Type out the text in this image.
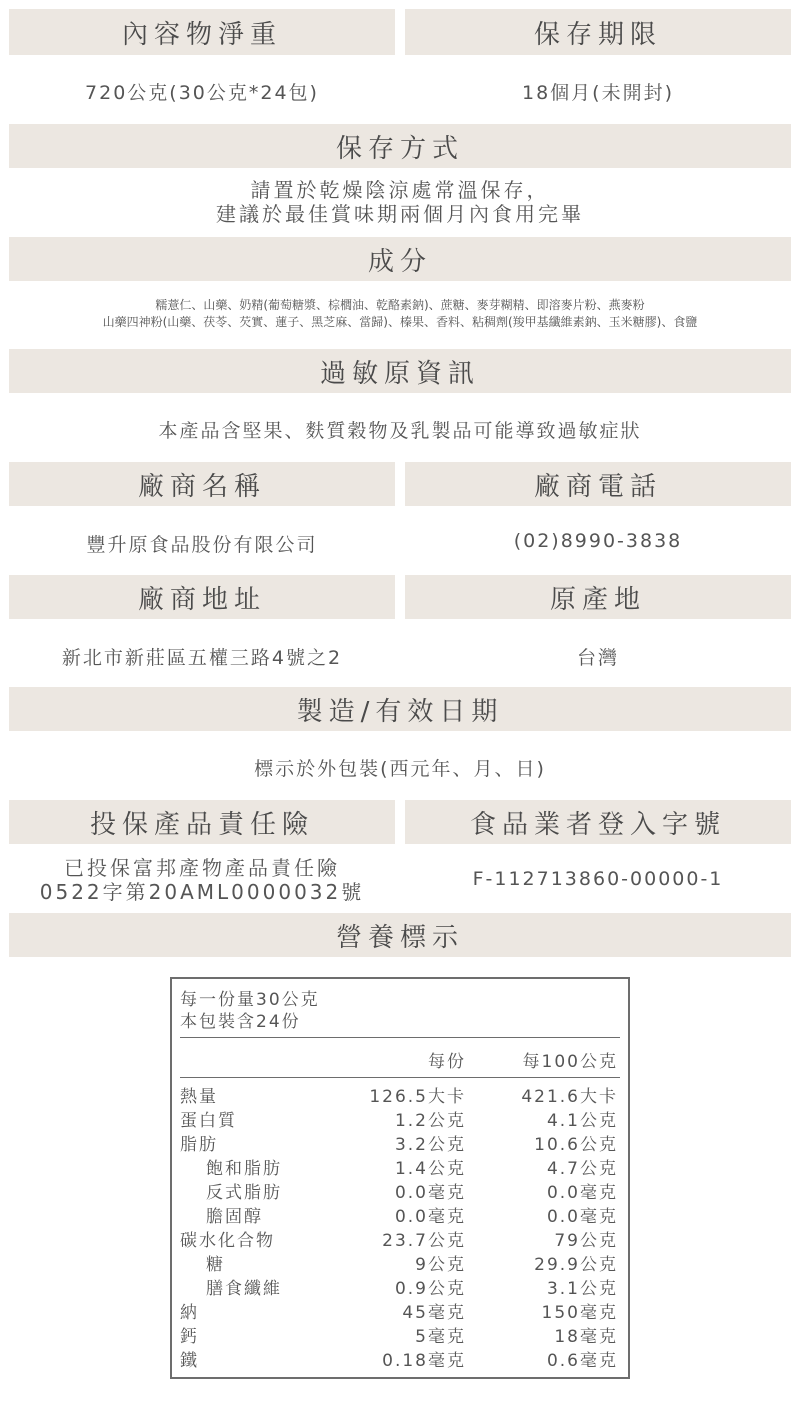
內容物淨重	保存期限
720公克(30公克*24包)	18個月(未開封)
保存方式
請置於乾燥陰涼處常溫保存，
建議於最佳賞味期兩個月內食用完畢
成分
糯薏仁、山藥、奶精(葡萄糖漿、棕櫚油、乾酪素鈉)、蔗糖、麥芽糊精、即溶麥片粉、燕麥粉
山藥四神粉(山藥、茯苓、芡實、蓮子、黑芝麻、當歸)、榛果、香料、粘稠劑(羧甲基纖維素鈉、玉米糖膠)、食鹽
過敏原資訊
本產品含堅果、麩質穀物及乳製品可能導致過敏症狀
廠商名稱	廠商電話
豐升原食品股份有限公司	(02)8990-3838
廠商地址	原產地
新北市新莊區五權三路4號之2	台灣
製造/有效日期
標示於外包裝(西元年、月、日)
投保產品責任險	食品業者登入字號
已投保富邦產物產品責任險
0522字第20AML0000032號
F-112713860-00000-1
營養標示
每一份量30公克
本包裝含24份
每份	每100公克
熱量	126.5大卡	421.6大卡
蛋白質	1.2公克	4.1公克
脂肪	3.2公克	10.6公克
飽和脂肪	1.4公克	4.7公克
反式脂肪	0.0毫克	0.0毫克
膽固醇	0.0毫克	0.0毫克
碳水化合物	23.7公克	79公克
糖	9公克	29.9公克
膳食纖維	0.9公克	3.1公克
納	45毫克	150毫克
鈣	5毫克	18毫克
鐵	0.18毫克	0.6毫克
